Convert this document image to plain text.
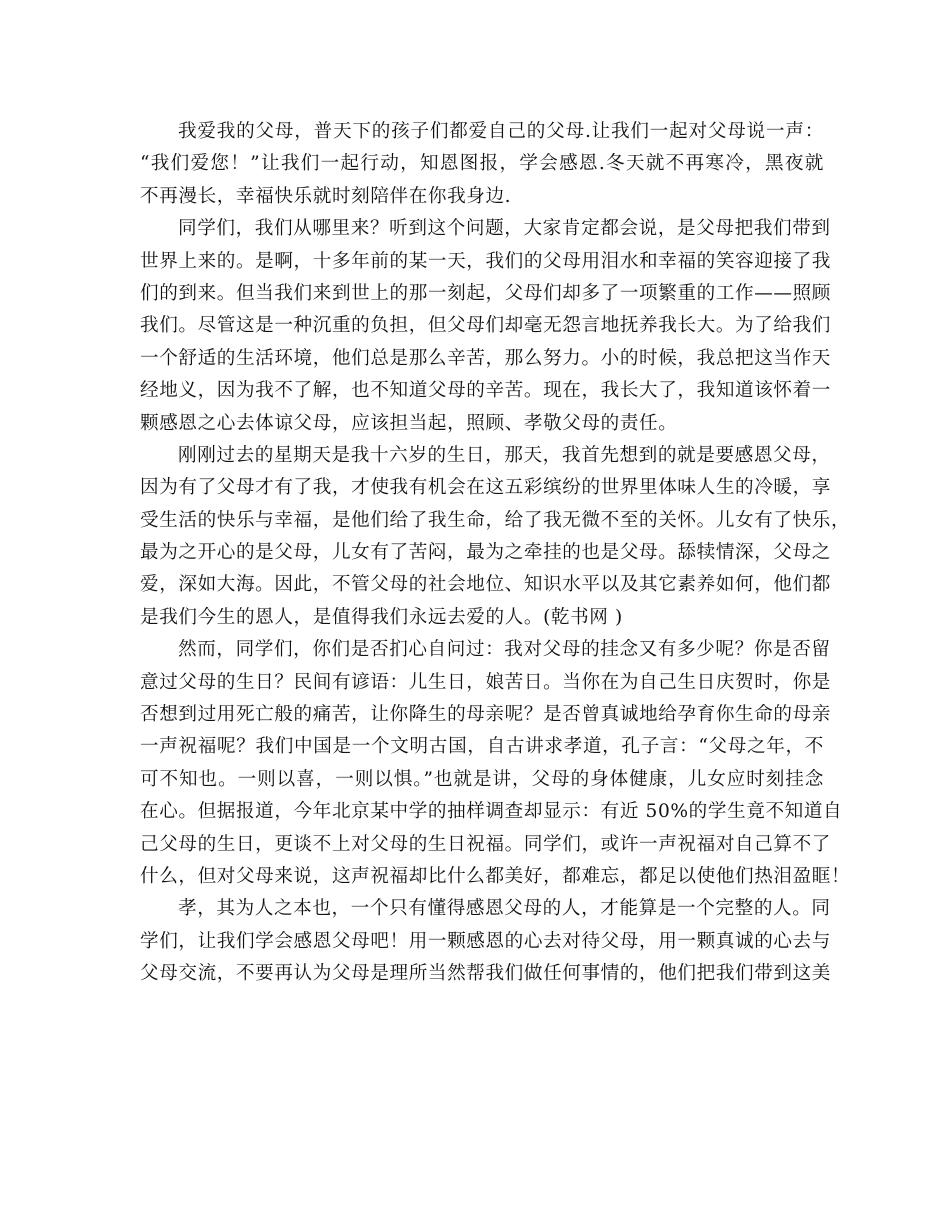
我爱我的父母，普天下的孩子们都爱自己的父母.让我们一起对父母说一声：
“我们爱您！”让我们一起行动，知恩图报，学会感恩.冬天就不再寒冷，黑夜就
不再漫长，幸福快乐就时刻陪伴在你我身边.
同学们，我们从哪里来？听到这个问题，大家肯定都会说，是父母把我们带到
世界上来的。是啊，十多年前的某一天，我们的父母用泪水和幸福的笑容迎接了我
们的到来。但当我们来到世上的那一刻起，父母们却多了一项繁重的工作——照顾
我们。尽管这是一种沉重的负担，但父母们却毫无怨言地抚养我长大。为了给我们
一个舒适的生活环境，他们总是那么辛苦，那么努力。小的时候，我总把这当作天
经地义，因为我不了解，也不知道父母的辛苦。现在，我长大了，我知道该怀着一
颗感恩之心去体谅父母，应该担当起，照顾、孝敬父母的责任。
刚刚过去的星期天是我十六岁的生日，那天，我首先想到的就是要感恩父母，
因为有了父母才有了我，才使我有机会在这五彩缤纷的世界里体味人生的冷暖，享
受生活的快乐与幸福，是他们给了我生命，给了我无微不至的关怀。儿女有了快乐，
最为之开心的是父母，儿女有了苦闷，最为之牵挂的也是父母。舔犊情深，父母之
爱，深如大海。因此，不管父母的社会地位、知识水平以及其它素养如何，他们都
是我们今生的恩人，是值得我们永远去爱的人。(乾书网 )
然而，同学们，你们是否扪心自问过：我对父母的挂念又有多少呢？你是否留
意过父母的生日？民间有谚语：儿生日，娘苦日。当你在为自己生日庆贺时，你是
否想到过用死亡般的痛苦，让你降生的母亲呢？是否曾真诚地给孕育你生命的母亲
一声祝福呢？我们中国是一个文明古国，自古讲求孝道，孔子言：“父母之年，不
可不知也。一则以喜，一则以惧。”也就是讲，父母的身体健康，儿女应时刻挂念
在心。但据报道，今年北京某中学的抽样调查却显示：有近 50%的学生竟不知道自
己父母的生日，更谈不上对父母的生日祝福。同学们，或许一声祝福对自己算不了
什么，但对父母来说，这声祝福却比什么都美好，都难忘，都足以使他们热泪盈眶！
孝，其为人之本也，一个只有懂得感恩父母的人，才能算是一个完整的人。同
学们，让我们学会感恩父母吧！用一颗感恩的心去对待父母，用一颗真诚的心去与
父母交流，不要再认为父母是理所当然帮我们做任何事情的，他们把我们带到这美
